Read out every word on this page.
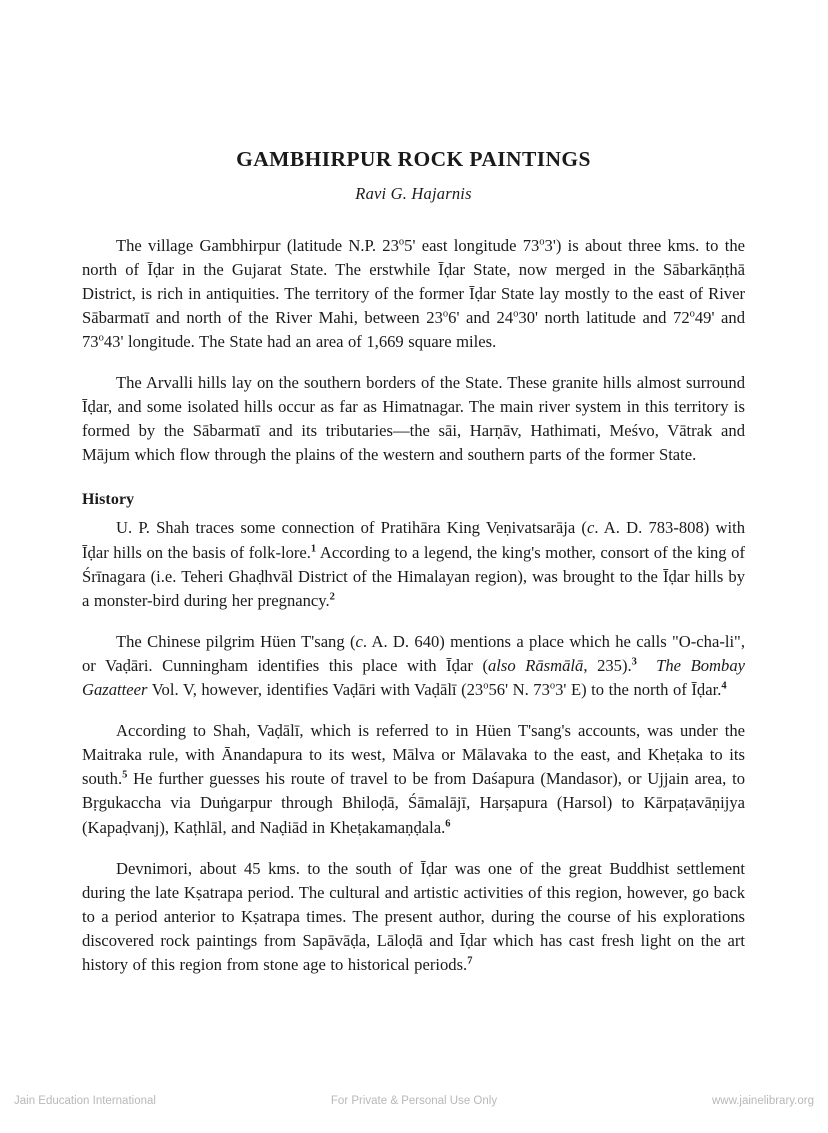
GAMBHIRPUR ROCK PAINTINGS
Ravi G. Hajarnis

The village Gambhirpur (latitude N.P. 23$^o$5' east longitude 73$^o$3') is about three kms. to the north of Īḍar in the Gujarat State. The erstwhile Īḍar State, now merged in the Sābarkāṇṭhā District, is rich in antiquities. The territory of the former Īḍar State lay mostly to the east of River Sābarmatī and north of the River Mahi, between 23$^o$6' and 24$^o$30' north latitude and 72$^o$49' and 73$^o$43' longitude. The State had an area of 1,669 square miles.

The Arvalli hills lay on the southern borders of the State. These granite hills almost surround Īḍar, and some isolated hills occur as far as Himatnagar. The main river system in this territory is formed by the Sābarmatī and its tributaries—the sāi, Harṇāv, Hathimati, Meśvo, Vātrak and Mājum which flow through the plains of the western and southern parts of the former State.

History

U. P. Shah traces some connection of Pratihāra King Veṇivatsarāja (c. A. D. 783-808) with Īḍar hills on the basis of folk-lore.$^1$ According to a legend, the king's mother, consort of the king of Śrīnagara (i.e. Teheri Ghaḍhvāl District of the Himalayan region), was brought to the Īḍar hills by a monster-bird during her pregnancy.$^2$

The Chinese pilgrim Hüen T'sang (c. A. D. 640) mentions a place which he calls "O-cha-li", or Vaḍāri. Cunningham identifies this place with Īḍar (also Rāsmālā, 235).$^3$ The Bombay Gazatteer Vol. V, however, identifies Vaḍāri with Vaḍālī (23$^o$56' N. 73$^o$3' E) to the north of Īḍar.$^4$

According to Shah, Vaḍālī, which is referred to in Hüen T'sang's accounts, was under the Maitraka rule, with Ānandapura to its west, Mālva or Mālavaka to the east, and Kheṭaka to its south.$^5$ He further guesses his route of travel to be from Daśapura (Mandasor), or Ujjain area, to Bṛgukaccha via Duṅgarpur through Bhiloḍā, Śāmalājī, Harṣapura (Harsol) to Kārpaṭavāṇijya (Kapaḍvanj), Kaṭhlāl, and Naḍiād in Kheṭakamaṇḍala.$^6$

Devnimori, about 45 kms. to the south of Īḍar was one of the great Buddhist settlement during the late Kṣatrapa period. The cultural and artistic activities of this region, however, go back to a period anterior to Kṣatrapa times. The present author, during the course of his explorations discovered rock paintings from Sapāvāḍa, Lāloḍā and Īḍar which has cast fresh light on the art history of this region from stone age to historical periods.$^7$

Jain Education International	For Private & Personal Use Only	www.jainelibrary.org
